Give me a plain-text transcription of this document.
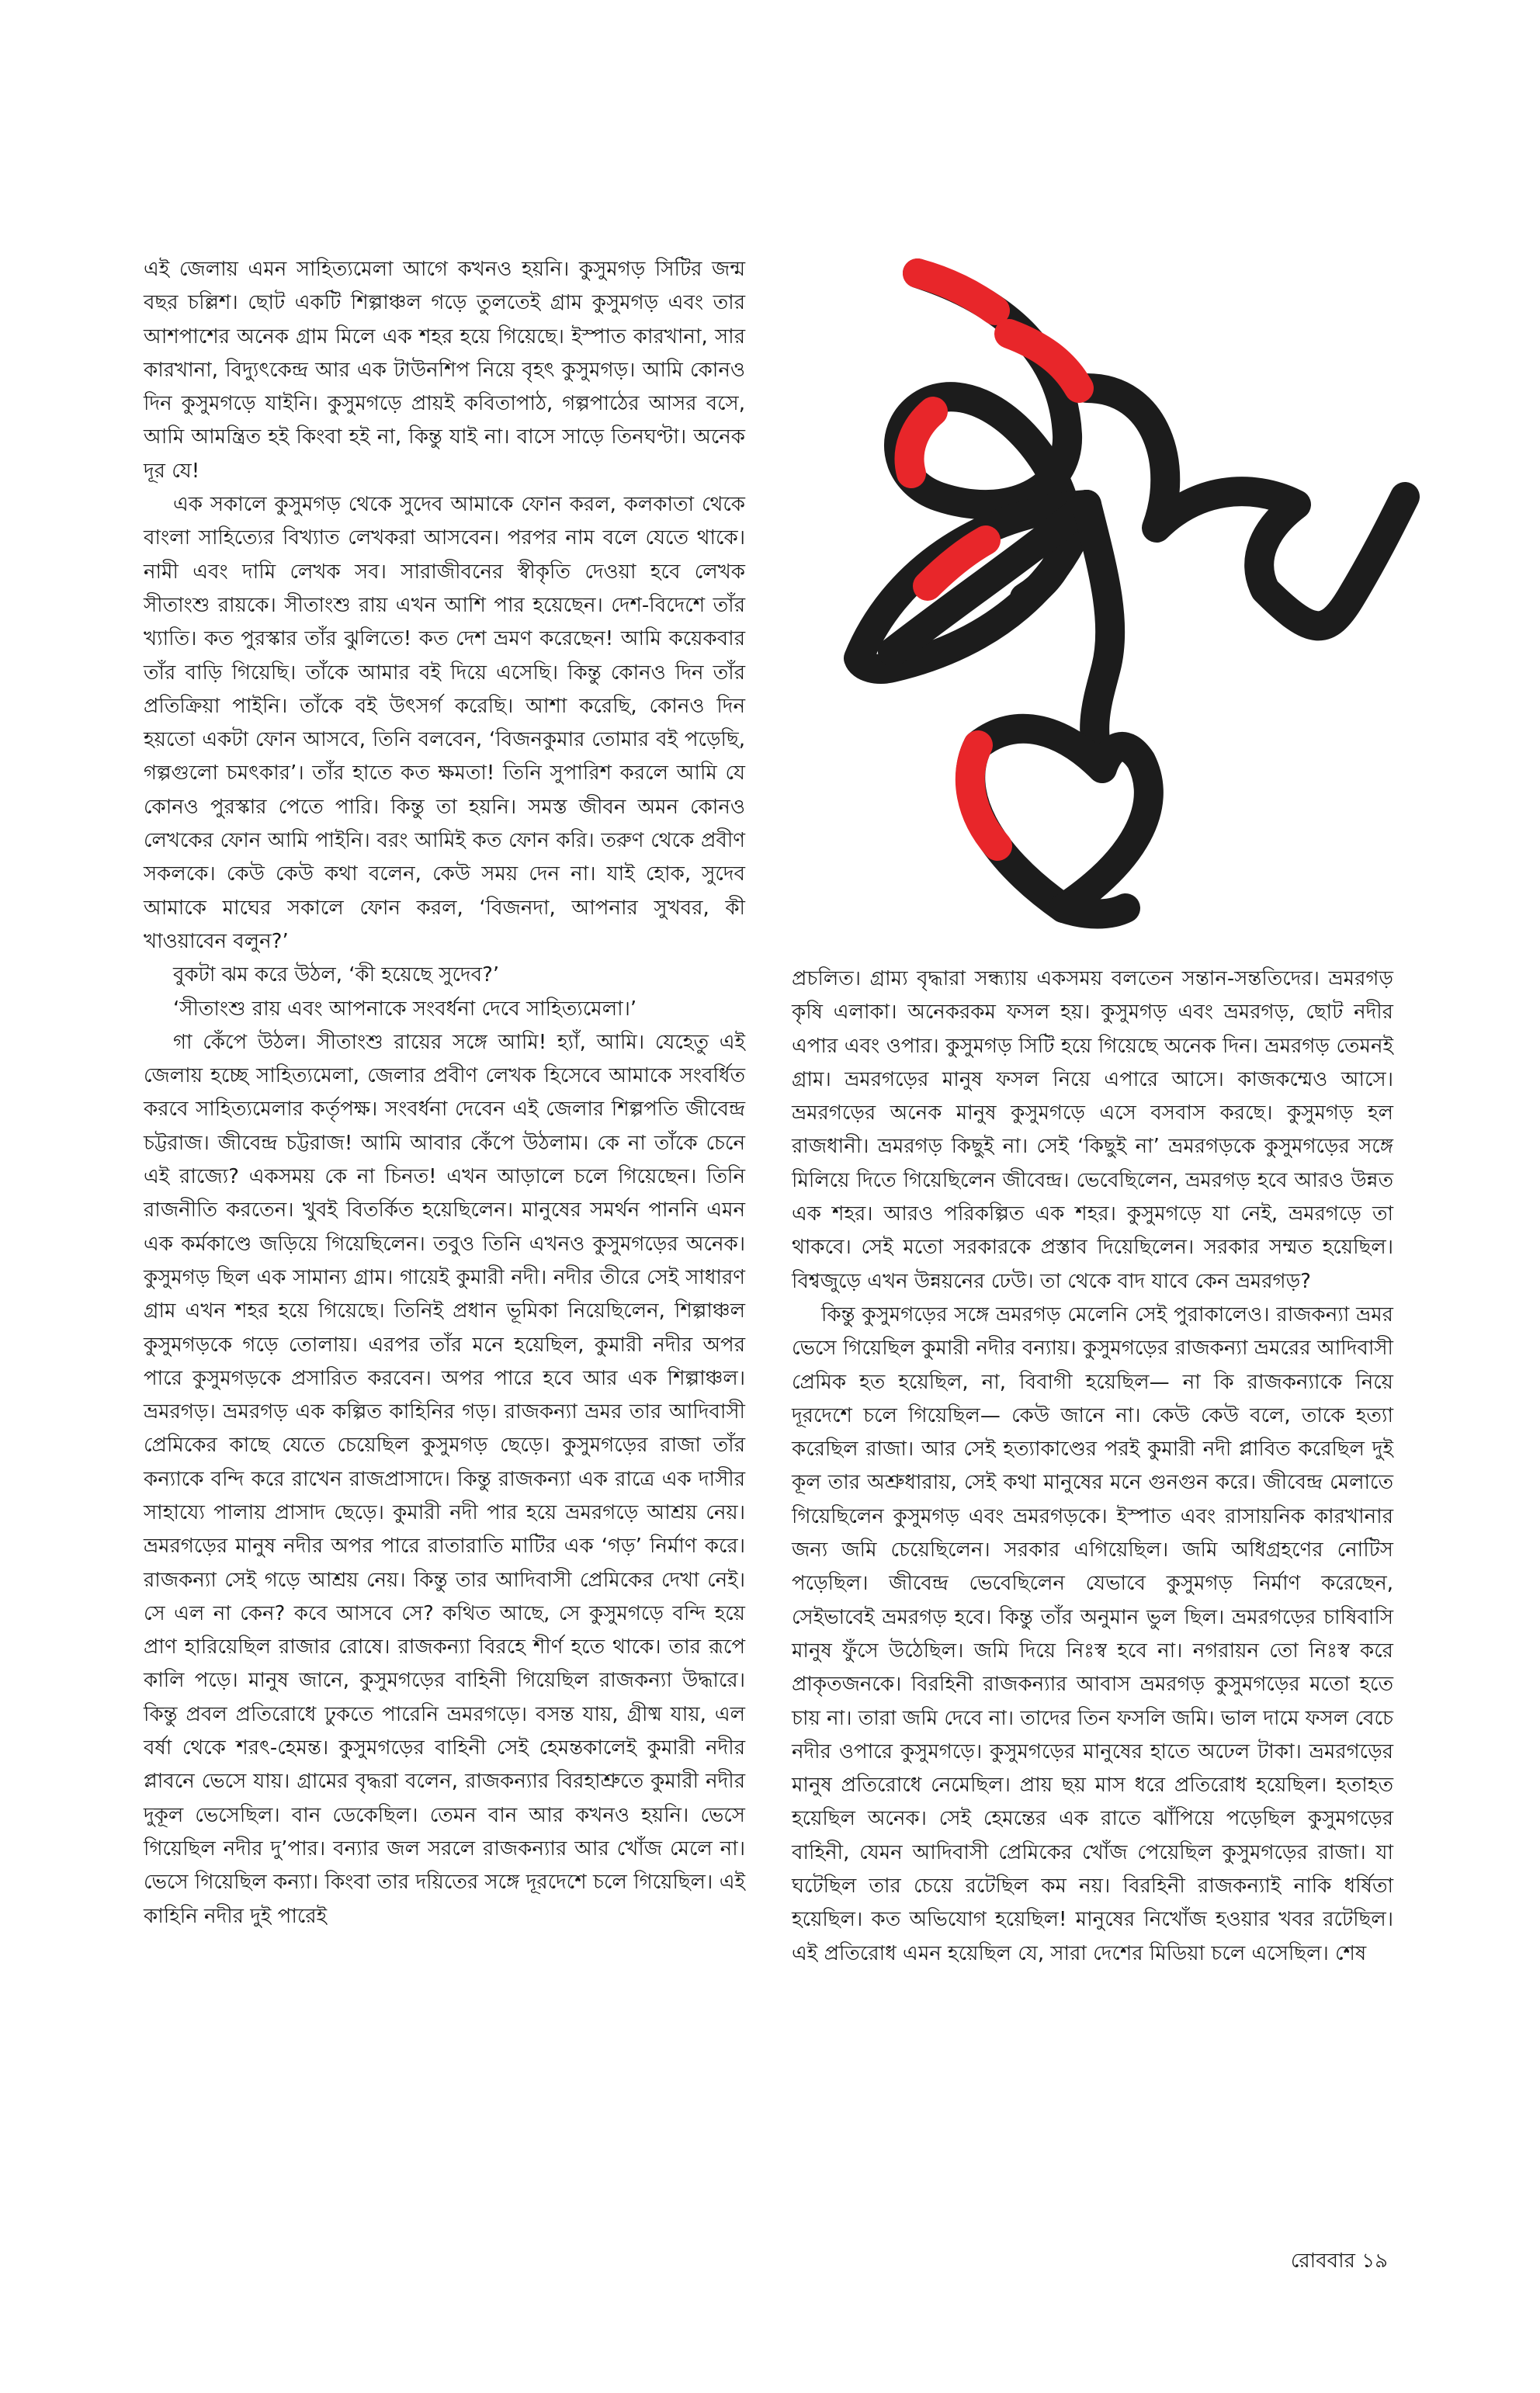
এই জেলায় এমন সাহিত্যমেলা আগে কখনও হয়নি। কুসুমগড় সিটির জন্ম বছর চল্লিশ। ছোট একটি শিল্পাঞ্চল গড়ে তুলতেই গ্রাম কুসুমগড় এবং তার আশপাশের অনেক গ্রাম মিলে এক শহর হয়ে গিয়েছে। ইস্পাত কারখানা, সার কারখানা, বিদ্যুৎকেন্দ্র আর এক টাউনশিপ নিয়ে বৃহৎ কুসুমগড়। আমি কোনও দিন কুসুমগড়ে যাইনি। কুসুমগড়ে প্রায়ই কবিতাপাঠ, গল্পপাঠের আসর বসে, আমি আমন্ত্রিত হই কিংবা হই না, কিন্তু যাই না। বাসে সাড়ে তিনঘণ্টা। অনেক দূর যে!

এক সকালে কুসুমগড় থেকে সুদেব আমাকে ফোন করল, কলকাতা থেকে বাংলা সাহিত্যের বিখ্যাত লেখকরা আসবেন। পরপর নাম বলে যেতে থাকে। নামী এবং দামি লেখক সব। সারাজীবনের স্বীকৃতি দেওয়া হবে লেখক সীতাংশু রায়কে। সীতাংশু রায় এখন আশি পার হয়েছেন। দেশ-বিদেশে তাঁর খ্যাতি। কত পুরস্কার তাঁর ঝুলিতে! কত দেশ ভ্রমণ করেছেন! আমি কয়েকবার তাঁর বাড়ি গিয়েছি। তাঁকে আমার বই দিয়ে এসেছি। কিন্তু কোনও দিন তাঁর প্রতিক্রিয়া পাইনি। তাঁকে বই উৎসর্গ করেছি। আশা করেছি, কোনও দিন হয়তো একটা ফোন আসবে, তিনি বলবেন, ‘বিজনকুমার তোমার বই পড়েছি, গল্পগুলো চমৎকার’। তাঁর হাতে কত ক্ষমতা! তিনি সুপারিশ করলে আমি যে কোনও পুরস্কার পেতে পারি। কিন্তু তা হয়নি। সমস্ত জীবন অমন কোনও লেখকের ফোন আমি পাইনি। বরং আমিই কত ফোন করি। তরুণ থেকে প্রবীণ সকলকে। কেউ কেউ কথা বলেন, কেউ সময় দেন না। যাই হোক, সুদেব আমাকে মাঘের সকালে ফোন করল, ‘বিজনদা, আপনার সুখবর, কী খাওয়াবেন বলুন?’

বুকটা ঝম করে উঠল, ‘কী হয়েছে সুদেব?’

‘সীতাংশু রায় এবং আপনাকে সংবর্ধনা দেবে সাহিত্যমেলা।’

গা কেঁপে উঠল। সীতাংশু রায়ের সঙ্গে আমি! হ্যাঁ, আমি। যেহেতু এই জেলায় হচ্ছে সাহিত্যমেলা, জেলার প্রবীণ লেখক হিসেবে আমাকে সংবর্ধিত করবে সাহিত্যমেলার কর্তৃপক্ষ। সংবর্ধনা দেবেন এই জেলার শিল্পপতি জীবেন্দ্র চট্টরাজ। জীবেন্দ্র চট্টরাজ! আমি আবার কেঁপে উঠলাম। কে না তাঁকে চেনে এই রাজ্যে? একসময় কে না চিনত! এখন আড়ালে চলে গিয়েছেন। তিনি রাজনীতি করতেন। খুবই বিতর্কিত হয়েছিলেন। মানুষের সমর্থন পাননি এমন এক কর্মকাণ্ডে জড়িয়ে গিয়েছিলেন। তবুও তিনি এখনও কুসুমগড়ের অনেক। কুসুমগড় ছিল এক সামান্য গ্রাম। গায়েই কুমারী নদী। নদীর তীরে সেই সাধারণ গ্রাম এখন শহর হয়ে গিয়েছে। তিনিই প্রধান ভূমিকা নিয়েছিলেন, শিল্পাঞ্চল কুসুমগড়কে গড়ে তোলায়। এরপর তাঁর মনে হয়েছিল, কুমারী নদীর অপর পারে কুসুমগড়কে প্রসারিত করবেন। অপর পারে হবে আর এক শিল্পাঞ্চল। ভ্রমরগড়। ভ্রমরগড় এক কল্পিত কাহিনির গড়। রাজকন্যা ভ্রমর তার আদিবাসী প্রেমিকের কাছে যেতে চেয়েছিল কুসুমগড় ছেড়ে। কুসুমগড়ের রাজা তাঁর কন্যাকে বন্দি করে রাখেন রাজপ্রাসাদে। কিন্তু রাজকন্যা এক রাত্রে এক দাসীর সাহায্যে পালায় প্রাসাদ ছেড়ে। কুমারী নদী পার হয়ে ভ্রমরগড়ে আশ্রয় নেয়। ভ্রমরগড়ের মানুষ নদীর অপর পারে রাতারাতি মাটির এক ‘গড়’ নির্মাণ করে। রাজকন্যা সেই গড়ে আশ্রয় নেয়। কিন্তু তার আদিবাসী প্রেমিকের দেখা নেই। সে এল না কেন? কবে আসবে সে? কথিত আছে, সে কুসুমগড়ে বন্দি হয়ে প্রাণ হারিয়েছিল রাজার রোষে। রাজকন্যা বিরহে শীর্ণ হতে থাকে। তার রূপে কালি পড়ে। মানুষ জানে, কুসুমগড়ের বাহিনী গিয়েছিল রাজকন্যা উদ্ধারে। কিন্তু প্রবল প্রতিরোধে ঢুকতে পারেনি ভ্রমরগড়ে। বসন্ত যায়, গ্রীষ্ম যায়, এল বর্ষা থেকে শরৎ-হেমন্ত। কুসুমগড়ের বাহিনী সেই হেমন্তকালেই কুমারী নদীর প্লাবনে ভেসে যায়। গ্রামের বৃদ্ধরা বলেন, রাজকন্যার বিরহাশ্রুতে কুমারী নদীর দুকূল ভেসেছিল। বান ডেকেছিল। তেমন বান আর কখনও হয়নি। ভেসে গিয়েছিল নদীর দু’পার। বন্যার জল সরলে রাজকন্যার আর খোঁজ মেলে না। ভেসে গিয়েছিল কন্যা। কিংবা তার দয়িতের সঙ্গে দূরদেশে চলে গিয়েছিল। এই কাহিনি নদীর দুই পারেই

প্রচলিত। গ্রাম্য বৃদ্ধারা সন্ধ্যায় একসময় বলতেন সন্তান-সন্ততিদের। ভ্রমরগড় কৃষি এলাকা। অনেকরকম ফসল হয়। কুসুমগড় এবং ভ্রমরগড়, ছোট নদীর এপার এবং ওপার। কুসুমগড় সিটি হয়ে গিয়েছে অনেক দিন। ভ্রমরগড় তেমনই গ্রাম। ভ্রমরগড়ের মানুষ ফসল নিয়ে এপারে আসে। কাজকম্মেও আসে। ভ্রমরগড়ের অনেক মানুষ কুসুমগড়ে এসে বসবাস করছে। কুসুমগড় হল রাজধানী। ভ্রমরগড় কিছুই না। সেই ‘কিছুই না’ ভ্রমরগড়কে কুসুমগড়ের সঙ্গে মিলিয়ে দিতে গিয়েছিলেন জীবেন্দ্র। ভেবেছিলেন, ভ্রমরগড় হবে আরও উন্নত এক শহর। আরও পরিকল্পিত এক শহর। কুসুমগড়ে যা নেই, ভ্রমরগড়ে তা থাকবে। সেই মতো সরকারকে প্রস্তাব দিয়েছিলেন। সরকার সম্মত হয়েছিল। বিশ্বজুড়ে এখন উন্নয়নের ঢেউ। তা থেকে বাদ যাবে কেন ভ্রমরগড়?

কিন্তু কুসুমগড়ের সঙ্গে ভ্রমরগড় মেলেনি সেই পুরাকালেও। রাজকন্যা ভ্রমর ভেসে গিয়েছিল কুমারী নদীর বন্যায়। কুসুমগড়ের রাজকন্যা ভ্রমরের আদিবাসী প্রেমিক হত হয়েছিল, না, বিবাগী হয়েছিল— না কি রাজকন্যাকে নিয়ে দূরদেশে চলে গিয়েছিল— কেউ জানে না। কেউ কেউ বলে, তাকে হত্যা করেছিল রাজা। আর সেই হত্যাকাণ্ডের পরই কুমারী নদী প্লাবিত করেছিল দুই কূল তার অশ্রুধারায়, সেই কথা মানুষের মনে গুনগুন করে। জীবেন্দ্র মেলাতে গিয়েছিলেন কুসুমগড় এবং ভ্রমরগড়কে। ইস্পাত এবং রাসায়নিক কারখানার জন্য জমি চেয়েছিলেন। সরকার এগিয়েছিল। জমি অধিগ্রহণের নোটিস পড়েছিল। জীবেন্দ্র ভেবেছিলেন যেভাবে কুসুমগড় নির্মাণ করেছেন, সেইভাবেই ভ্রমরগড় হবে। কিন্তু তাঁর অনুমান ভুল ছিল। ভ্রমরগড়ের চাষিবাসি মানুষ ফুঁসে উঠেছিল। জমি দিয়ে নিঃস্ব হবে না। নগরায়ন তো নিঃস্ব করে প্রাকৃতজনকে। বিরহিনী রাজকন্যার আবাস ভ্রমরগড় কুসুমগড়ের মতো হতে চায় না। তারা জমি দেবে না। তাদের তিন ফসলি জমি। ভাল দামে ফসল বেচে নদীর ওপারে কুসুমগড়ে। কুসুমগড়ের মানুষের হাতে অঢেল টাকা। ভ্রমরগড়ের মানুষ প্রতিরোধে নেমেছিল। প্রায় ছয় মাস ধরে প্রতিরোধ হয়েছিল। হতাহত হয়েছিল অনেক। সেই হেমন্তের এক রাতে ঝাঁপিয়ে পড়েছিল কুসুমগড়ের বাহিনী, যেমন আদিবাসী প্রেমিকের খোঁজ পেয়েছিল কুসুমগড়ের রাজা। যা ঘটেছিল তার চেয়ে রটেছিল কম নয়। বিরহিনী রাজকন্যাই নাকি ধর্ষিতা হয়েছিল। কত অভিযোগ হয়েছিল! মানুষের নিখোঁজ হওয়ার খবর রটেছিল। এই প্রতিরোধ এমন হয়েছিল যে, সারা দেশের মিডিয়া চলে এসেছিল। শেষ

রোববার ১৯
